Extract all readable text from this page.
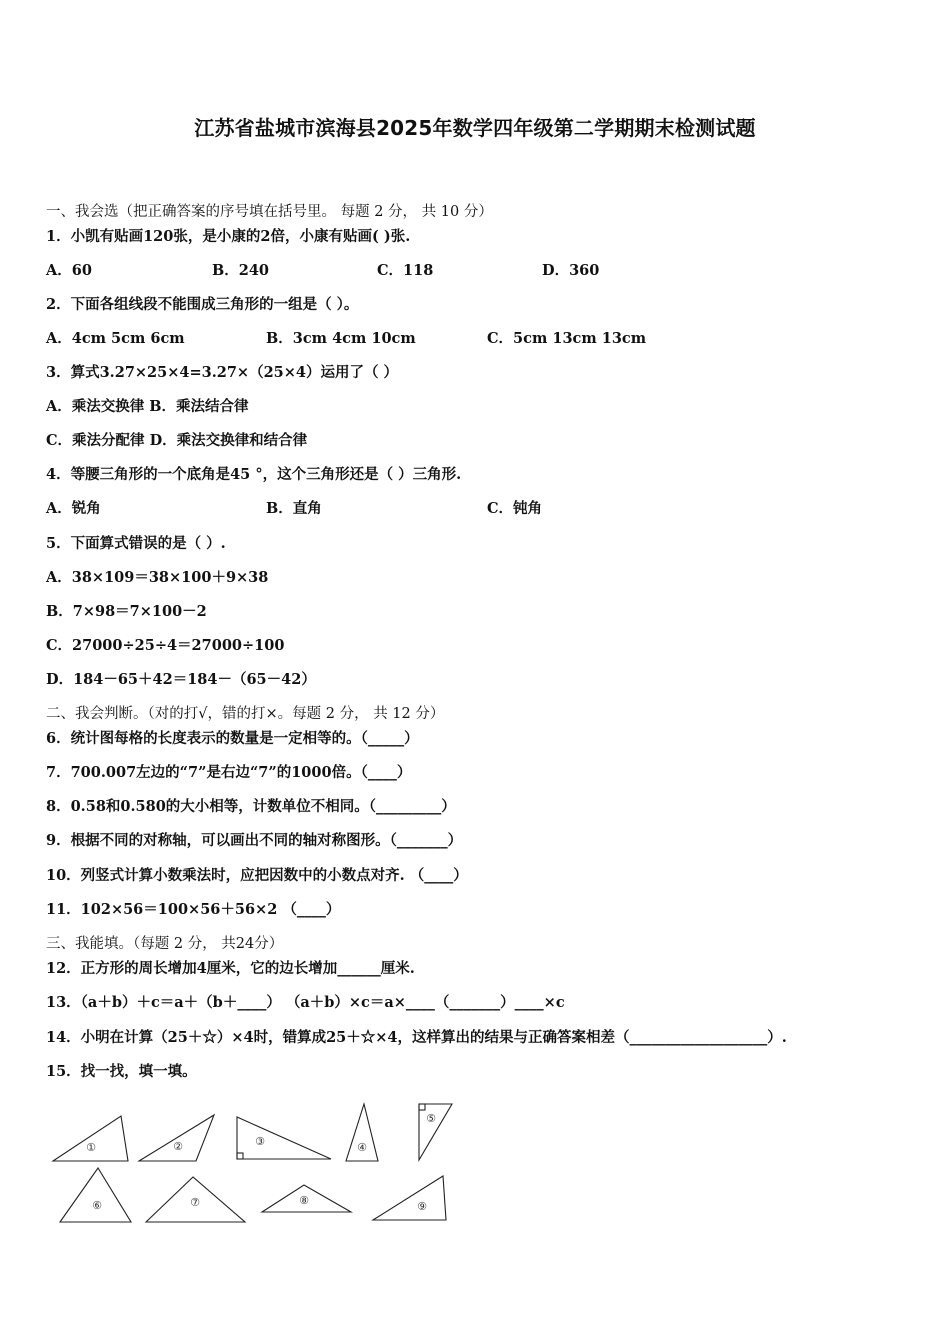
江苏省盐城市滨海县2025年数学四年级第二学期期末检测试题
一、我会选（把正确答案的序号填在括号里。 每题 2 分， 共 10 分）
1．小凯有贴画120张，是小康的2倍，小康有贴画( )张.
A．60	B．240	C．118	D．360
2．下面各组线段不能围成三角形的一组是（ ）。
A．4cm 5cm 6cm	B．3cm 4cm 10cm	C．5cm 13cm 13cm
3．算式3.27×25×4=3.27×（25×4）运用了（ ）
A．乘法交换律 B．乘法结合律
C．乘法分配律 D．乘法交换律和结合律
4．等腰三角形的一个底角是45 °，这个三角形还是（ ）三角形.
A．锐角	B．直角	C．钝角
5．下面算式错误的是（ ）.
A．38×109＝38×100＋9×38
B．7×98＝7×100－2
C．27000÷25÷4＝27000÷100
D．184－65＋42＝184－（65－42）
二、我会判断。（对的打√，错的打×。每题 2 分， 共 12 分）
6．统计图每格的长度表示的数量是一定相等的。（_____）
7．700.007左边的“7”是右边“7”的1000倍。（____）
8．0.58和0.580的大小相等，计数单位不相同。（_________）
9．根据不同的对称轴，可以画出不同的轴对称图形。（_______）
10．列竖式计算小数乘法时，应把因数中的小数点对齐. （____）
11．102×56＝100×56＋56×2 （____）
三、我能填。（每题 2 分， 共24分）
12．正方形的周长增加4厘米，它的边长增加______厘米.
13．（a＋b）＋c＝a＋（b＋____） （a＋b）×c＝a×____（_______）____×c
14．小明在计算（25＋☆）×4时，错算成25＋☆×4，这样算出的结果与正确答案相差（___________________）.
15．找一找，填一填。
①	②	③	④
⑤
⑥	⑦	⑧	⑨
